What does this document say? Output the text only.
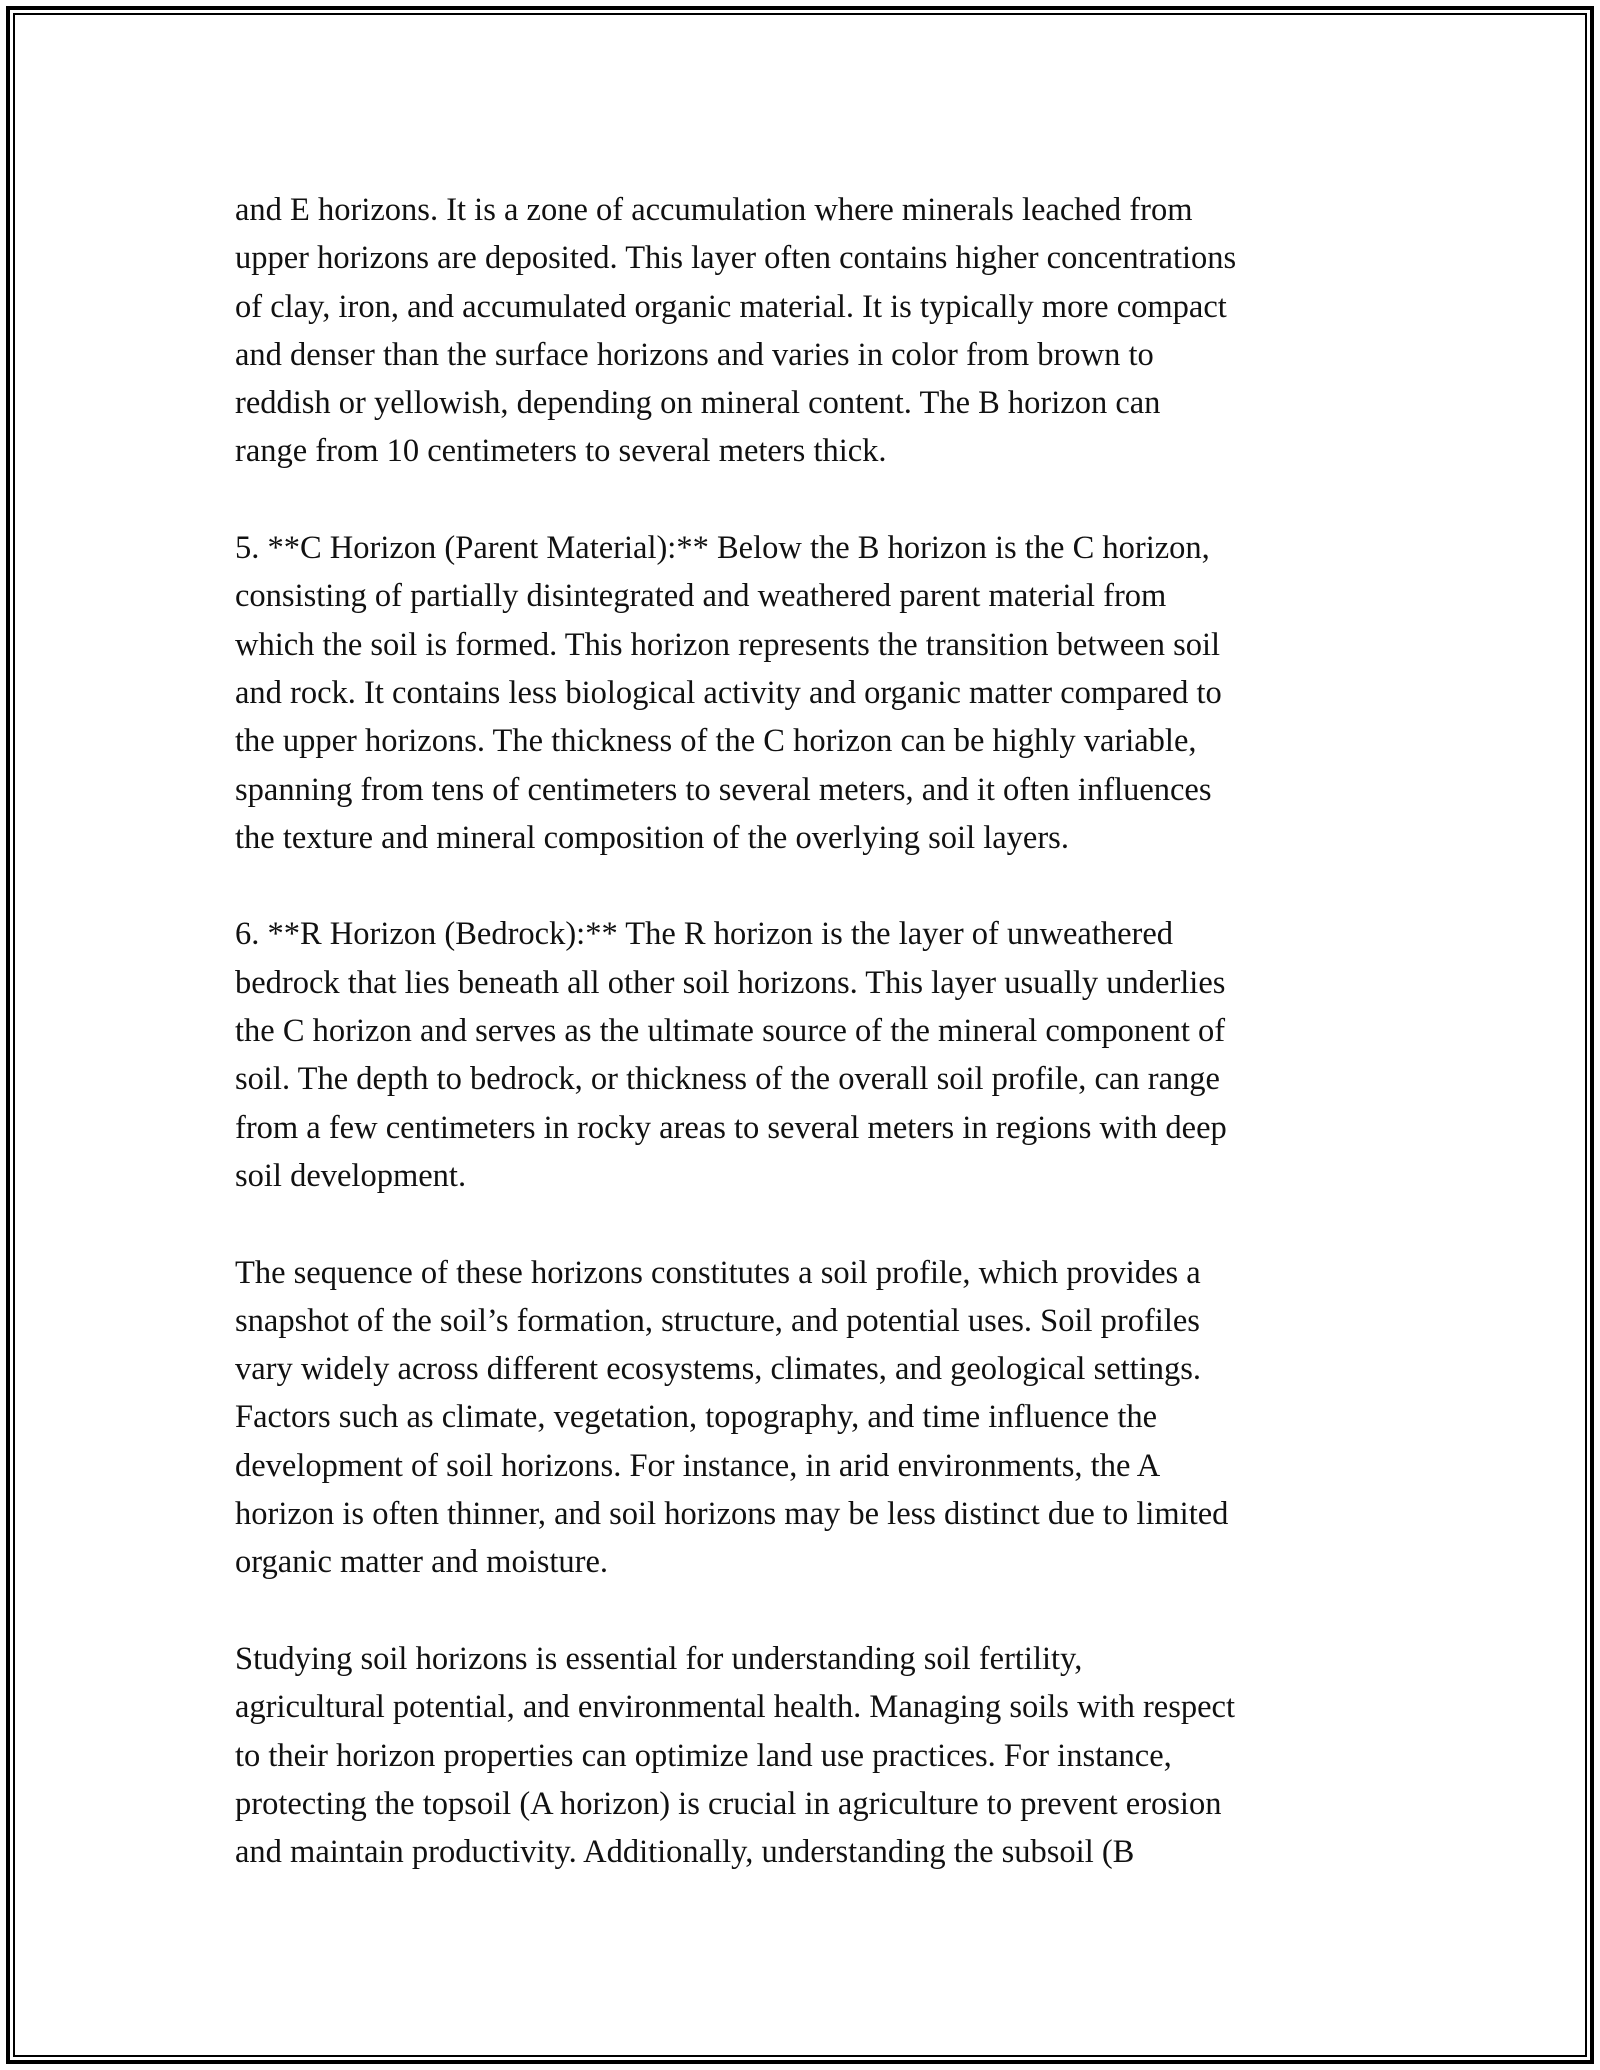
and E horizons. It is a zone of accumulation where minerals leached from
upper horizons are deposited. This layer often contains higher concentrations
of clay, iron, and accumulated organic material. It is typically more compact
and denser than the surface horizons and varies in color from brown to
reddish or yellowish, depending on mineral content. The B horizon can
range from 10 centimeters to several meters thick.

5. **C Horizon (Parent Material):** Below the B horizon is the C horizon,
consisting of partially disintegrated and weathered parent material from
which the soil is formed. This horizon represents the transition between soil
and rock. It contains less biological activity and organic matter compared to
the upper horizons. The thickness of the C horizon can be highly variable,
spanning from tens of centimeters to several meters, and it often influences
the texture and mineral composition of the overlying soil layers.

6. **R Horizon (Bedrock):** The R horizon is the layer of unweathered
bedrock that lies beneath all other soil horizons. This layer usually underlies
the C horizon and serves as the ultimate source of the mineral component of
soil. The depth to bedrock, or thickness of the overall soil profile, can range
from a few centimeters in rocky areas to several meters in regions with deep
soil development.

The sequence of these horizons constitutes a soil profile, which provides a
snapshot of the soil’s formation, structure, and potential uses. Soil profiles
vary widely across different ecosystems, climates, and geological settings.
Factors such as climate, vegetation, topography, and time influence the
development of soil horizons. For instance, in arid environments, the A
horizon is often thinner, and soil horizons may be less distinct due to limited
organic matter and moisture.

Studying soil horizons is essential for understanding soil fertility,
agricultural potential, and environmental health. Managing soils with respect
to their horizon properties can optimize land use practices. For instance,
protecting the topsoil (A horizon) is crucial in agriculture to prevent erosion
and maintain productivity. Additionally, understanding the subsoil (B
